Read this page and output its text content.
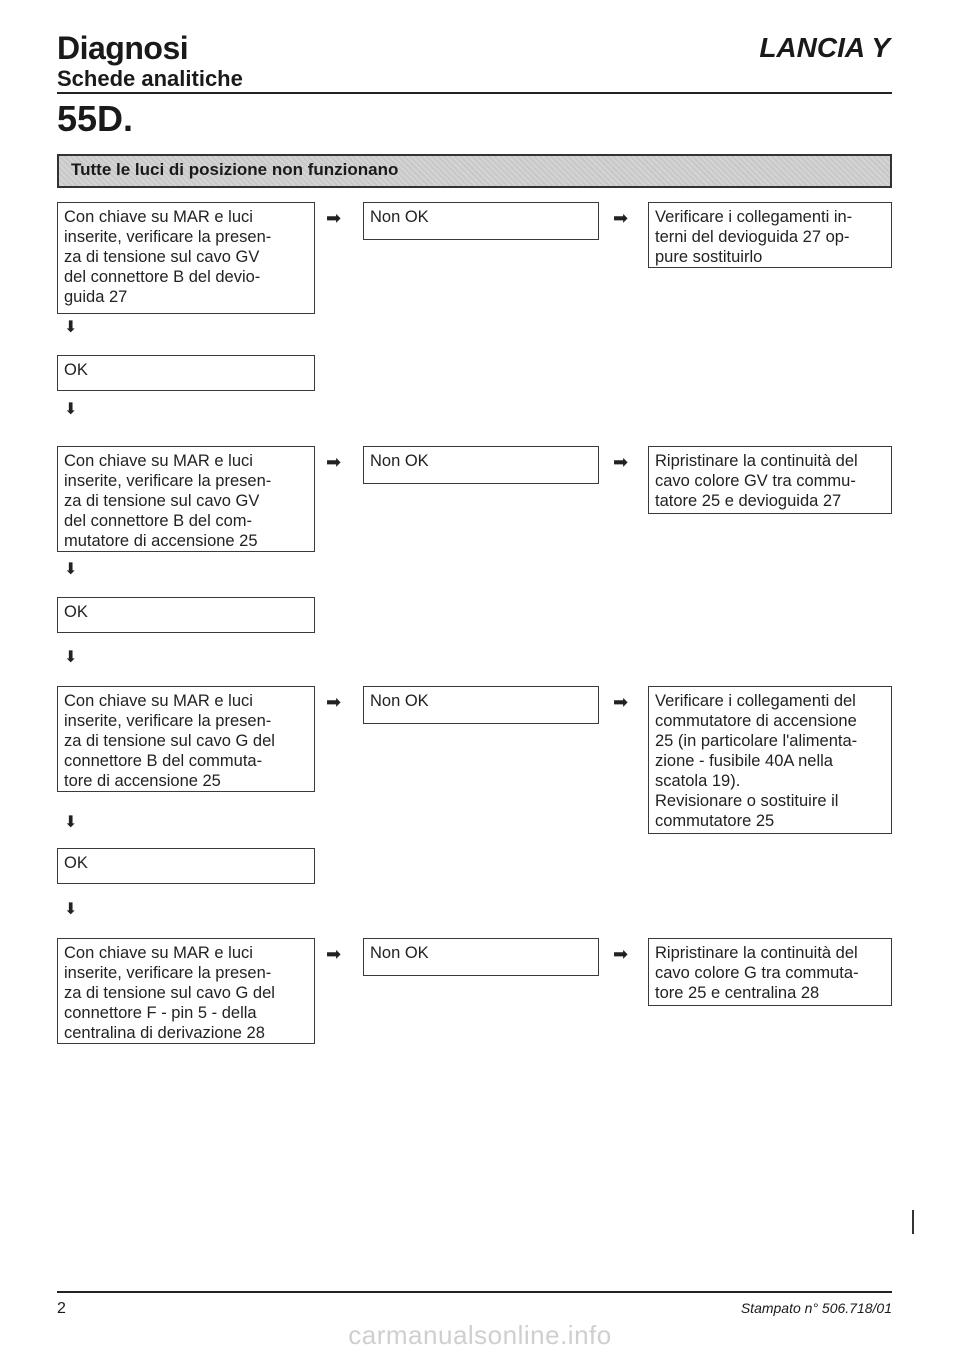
Diagnosi
Schede analitiche
LANCIA Y
55D.
Tutte le luci di posizione non funzionano
Con chiave su MAR e luci
inserite, verificare la presen-
za di tensione sul cavo GV
del connettore B del devio-
guida 27
➡	Non OK	➡	Verificare i collegamenti in-
terni del devioguida 27 op-
pure sostituirlo
⬇
OK
⬇
Con chiave su MAR e luci
inserite, verificare la presen-
za di tensione sul cavo GV
del connettore B del com-
mutatore di accensione 25
➡	Non OK	➡	Ripristinare la continuità del
cavo colore GV tra commu-
tatore 25 e devioguida 27
⬇
OK
⬇
Con chiave su MAR e luci
inserite, verificare la presen-
za di tensione sul cavo G del
connettore B del commuta-
tore di accensione 25
➡	Non OK	➡	Verificare i collegamenti del
commutatore di accensione
25 (in particolare l'alimenta-
zione - fusibile 40A nella
scatola 19).
Revisionare o sostituire il
commutatore 25
⬇
OK
⬇
Con chiave su MAR e luci
inserite, verificare la presen-
za di tensione sul cavo G del
connettore F - pin 5 - della
centralina di derivazione 28
➡	Non OK	➡	Ripristinare la continuità del
cavo colore G tra commuta-
tore 25 e centralina 28
2	Stampato n° 506.718/01
carmanualsonline.info
